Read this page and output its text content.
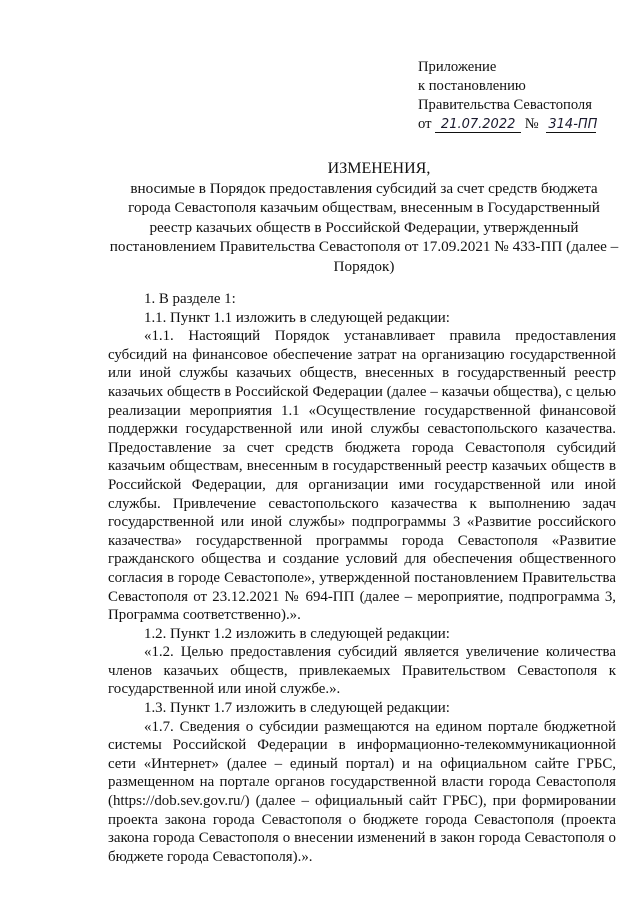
Приложение
к постановлению
Правительства Севастополя
от 21.07.2022 № 314-ПП
ИЗМЕНЕНИЯ,
вносимые в Порядок предоставления субсидий за счет средств бюджета города Севастополя казачьим обществам, внесенным в Государственный реестр казачьих обществ в Российской Федерации, утвержденный постановлением Правительства Севастополя от 17.09.2021 № 433-ПП (далее – Порядок)

1. В разделе 1:

1.1. Пункт 1.1 изложить в следующей редакции:

«1.1. Настоящий Порядок устанавливает правила предоставления субсидий на финансовое обеспечение затрат на организацию государственной или иной службы казачьих обществ, внесенных в государственный реестр казачьих обществ в Российской Федерации (далее – казачьи общества), с целью реализации мероприятия 1.1 «Осуществление государственной финансовой поддержки государственной или иной службы севастопольского казачества. Предоставление за счет средств бюджета города Севастополя субсидий казачьим обществам, внесенным в государственный реестр казачьих обществ в Российской Федерации, для организации ими государственной или иной службы. Привлечение севастопольского казачества к выполнению задач государственной или иной службы» подпрограммы 3 «Развитие российского казачества» государственной программы города Севастополя «Развитие гражданского общества и создание условий для обеспечения общественного согласия в городе Севастополе», утвержденной постановлением Правительства Севастополя от 23.12.2021 № 694-ПП (далее – мероприятие, подпрограмма 3, Программа соответственно).».

1.2. Пункт 1.2 изложить в следующей редакции:

«1.2. Целью предоставления субсидий является увеличение количества членов казачьих обществ, привлекаемых Правительством Севастополя к государственной или иной службе.».

1.3. Пункт 1.7 изложить в следующей редакции:

«1.7. Сведения о субсидии размещаются на едином портале бюджетной системы Российской Федерации в информационно-телекоммуникационной сети «Интернет» (далее – единый портал) и на официальном сайте ГРБС, размещенном на портале органов государственной власти города Севастополя (https://dob.sev.gov.ru/) (далее – официальный сайт ГРБС), при формировании проекта закона города Севастополя о бюджете города Севастополя (проекта закона города Севастополя о внесении изменений в закон города Севастополя о бюджете города Севастополя).».
